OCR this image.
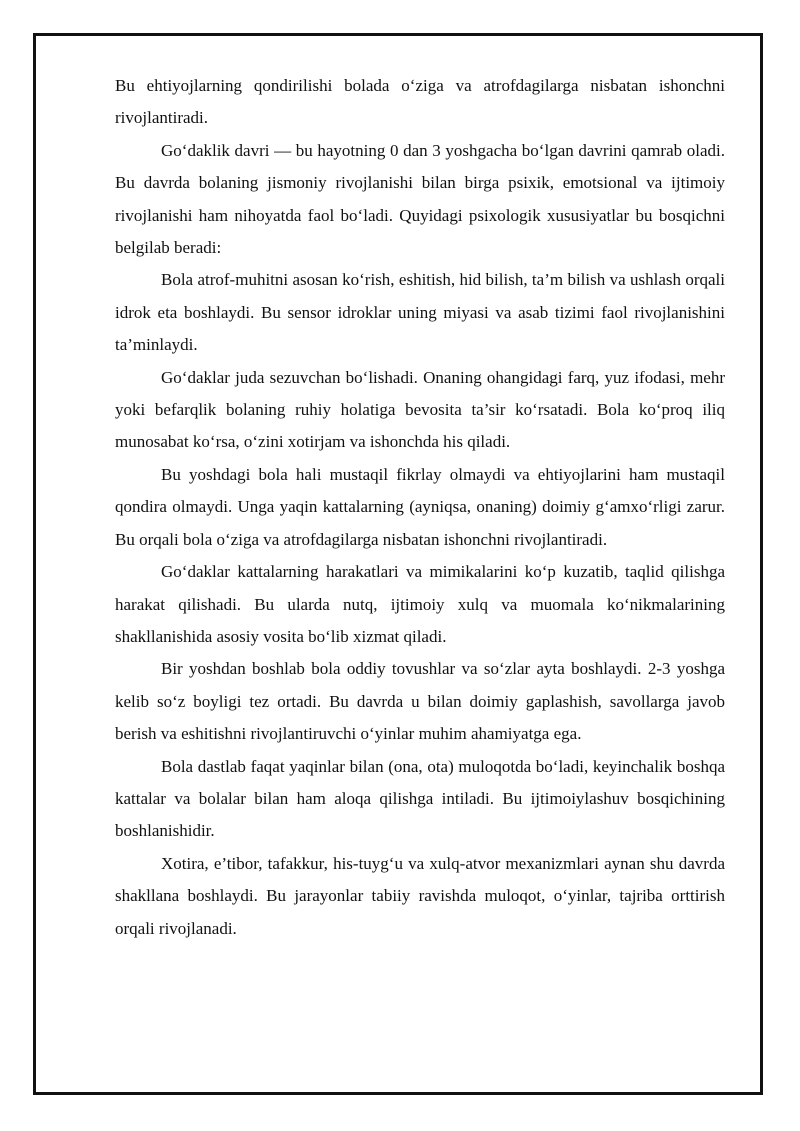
Bu ehtiyojlarning qondirilishi bolada o‘ziga va atrofdagilarga nisbatan ishonchni rivojlantiradi.

Go‘daklik davri — bu hayotning 0 dan 3 yoshgacha bo‘lgan davrini qamrab oladi. Bu davrda bolaning jismoniy rivojlanishi bilan birga psixik, emotsional va ijtimoiy rivojlanishi ham nihoyatda faol bo‘ladi. Quyidagi psixologik xususiyatlar bu bosqichni belgilab beradi:

Bola atrof-muhitni asosan ko‘rish, eshitish, hid bilish, ta’m bilish va ushlash orqali idrok eta boshlaydi. Bu sensor idroklar uning miyasi va asab tizimi faol rivojlanishini ta’minlaydi.

Go‘daklar juda sezuvchan bo‘lishadi. Onaning ohangidagi farq, yuz ifodasi, mehr yoki befarqlik bolaning ruhiy holatiga bevosita ta’sir ko‘rsatadi. Bola ko‘proq iliq munosabat ko‘rsa, o‘zini xotirjam va ishonchda his qiladi.

Bu yoshdagi bola hali mustaqil fikrlay olmaydi va ehtiyojlarini ham mustaqil qondira olmaydi. Unga yaqin kattalarning (ayniqsa, onaning) doimiy g‘amxo‘rligi zarur. Bu orqali bola o‘ziga va atrofdagilarga nisbatan ishonchni rivojlantiradi.

Go‘daklar kattalarning harakatlari va mimikalarini ko‘p kuzatib, taqlid qilishga harakat qilishadi. Bu ularda nutq, ijtimoiy xulq va muomala ko‘nikmalarining shakllanishida asosiy vosita bo‘lib xizmat qiladi.

Bir yoshdan boshlab bola oddiy tovushlar va so‘zlar ayta boshlaydi. 2-3 yoshga kelib so‘z boyligi tez ortadi. Bu davrda u bilan doimiy gaplashish, savollarga javob berish va eshitishni rivojlantiruvchi o‘yinlar muhim ahamiyatga ega.

Bola dastlab faqat yaqinlar bilan (ona, ota) muloqotda bo‘ladi, keyinchalik boshqa kattalar va bolalar bilan ham aloqa qilishga intiladi. Bu ijtimoiylashuv bosqichining boshlanishidir.

Xotira, e’tibor, tafakkur, his-tuyg‘u va xulq-atvor mexanizmlari aynan shu davrda shakllana boshlaydi. Bu jarayonlar tabiiy ravishda muloqot, o‘yinlar, tajriba orttirish orqali rivojlanadi.
